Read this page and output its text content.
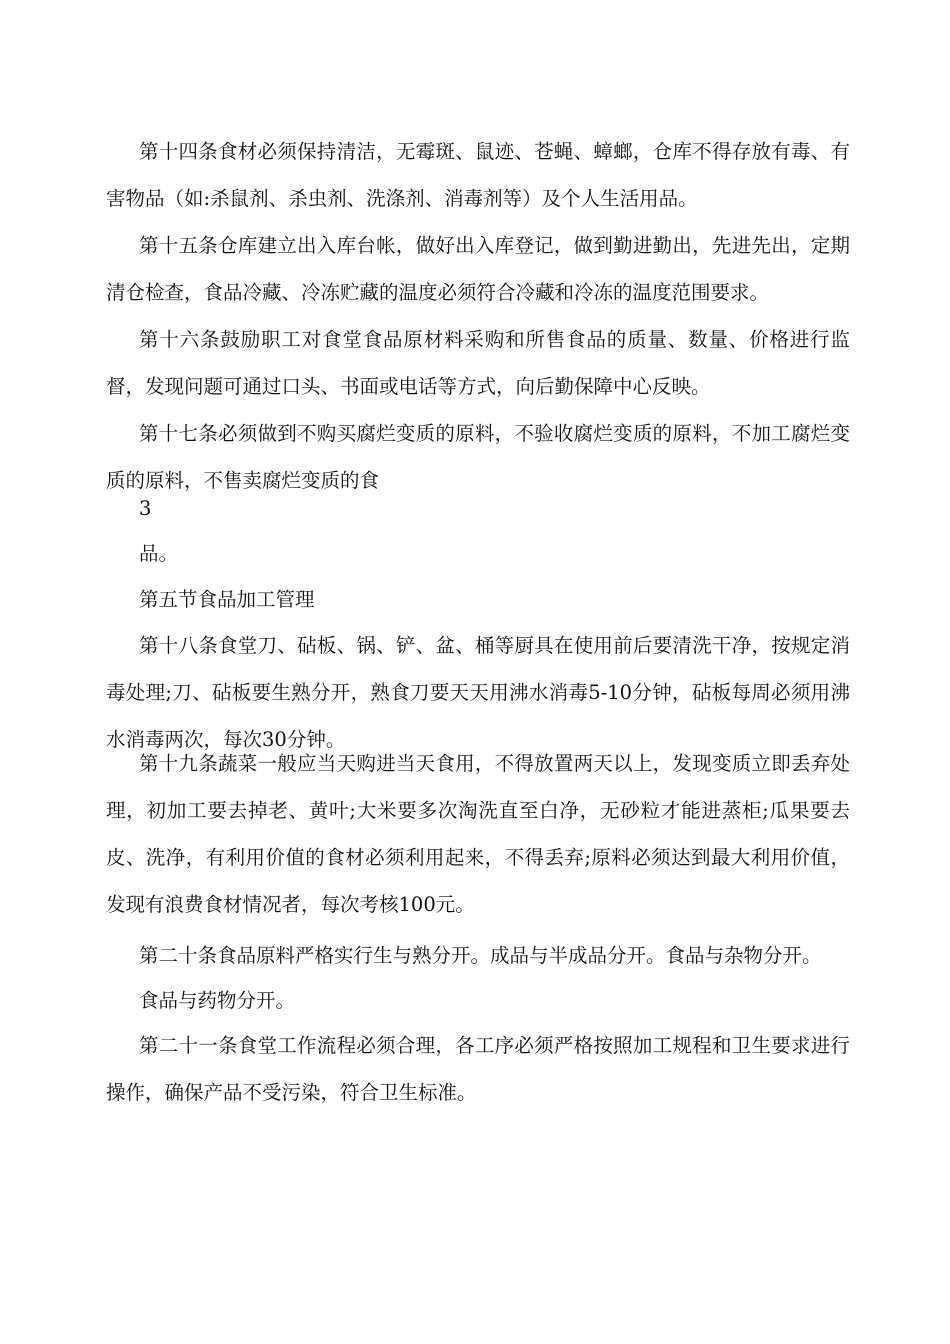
第十四条食材必须保持清洁，无霉斑、鼠迹、苍蝇、蟑螂，仓库不得存放有毒、有害物品（如:杀鼠剂、杀虫剂、洗涤剂、消毒剂等）及个人生活用品。

第十五条仓库建立出入库台帐，做好出入库登记，做到勤进勤出，先进先出，定期清仓检查，食品冷藏、冷冻贮藏的温度必须符合冷藏和冷冻的温度范围要求。

第十六条鼓励职工对食堂食品原材料采购和所售食品的质量、数量、价格进行监督，发现问题可通过口头、书面或电话等方式，向后勤保障中心反映。

第十七条必须做到不购买腐烂变质的原料，不验收腐烂变质的原料，不加工腐烂变质的原料，不售卖腐烂变质的食

3

品。

第五节食品加工管理

第十八条食堂刀、砧板、锅、铲、盆、桶等厨具在使用前后要清洗干净，按规定消毒处理;刀、砧板要生熟分开，熟食刀要天天用沸水消毒5-10分钟，砧板每周必须用沸水消毒两次，每次30分钟。

第十九条蔬菜一般应当天购进当天食用，不得放置两天以上，发现变质立即丢弃处理，初加工要去掉老、黄叶;大米要多次淘洗直至白净，无砂粒才能进蒸柜;瓜果要去皮、洗净，有利用价值的食材必须利用起来，不得丢弃;原料必须达到最大利用价值，发现有浪费食材情况者，每次考核100元。

第二十条食品原料严格实行生与熟分开。成品与半成品分开。食品与杂物分开。

食品与药物分开。

第二十一条食堂工作流程必须合理，各工序必须严格按照加工规程和卫生要求进行操作，确保产品不受污染，符合卫生标准。
